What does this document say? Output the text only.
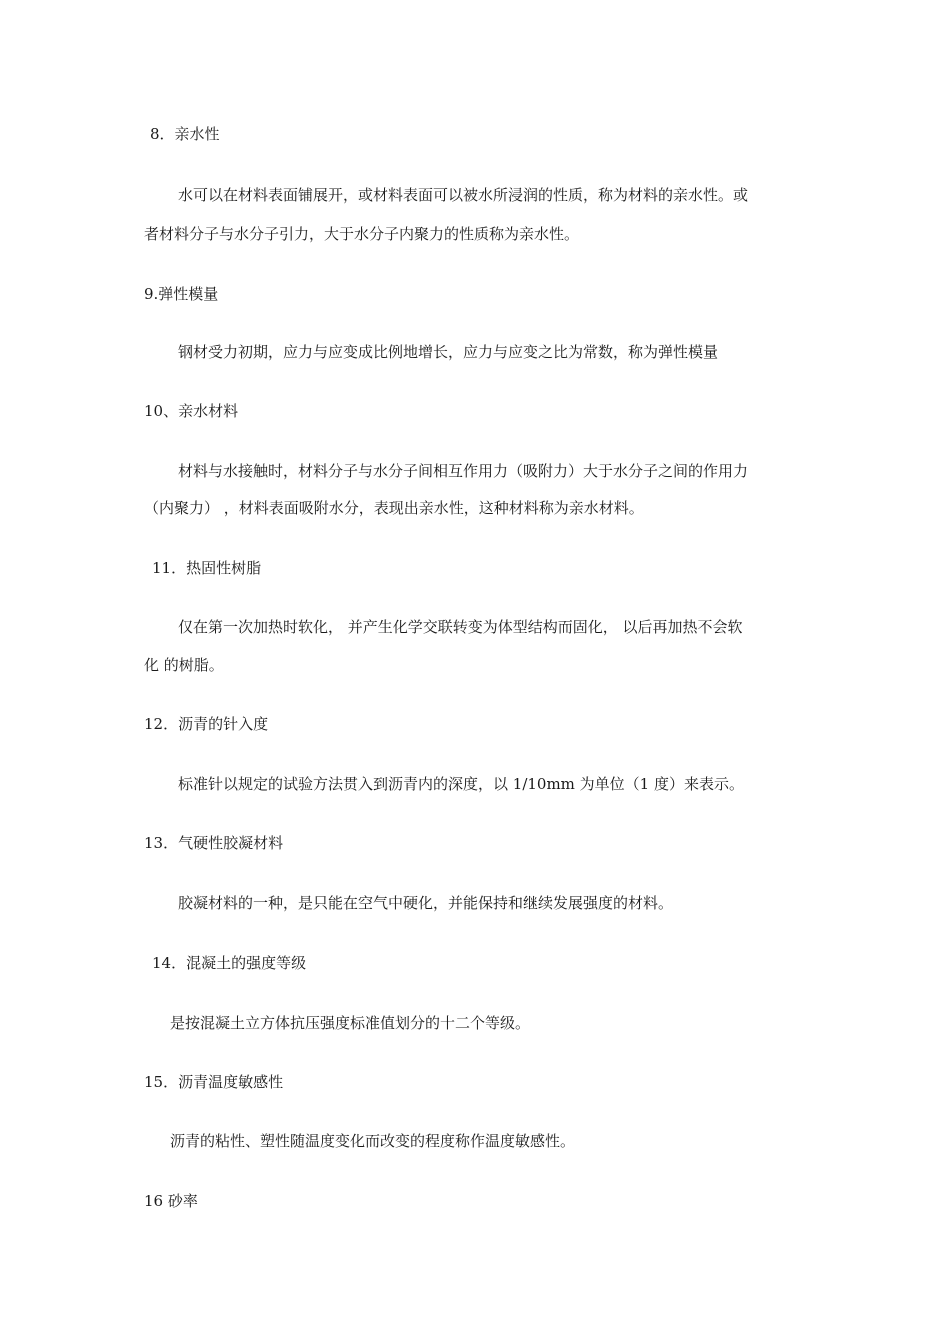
8．亲水性

水可以在材料表面铺展开，或材料表面可以被水所浸润的性质，称为材料的亲水性。或

者材料分子与水分子引力，大于水分子内聚力的性质称为亲水性。

9.弹性模量

钢材受力初期，应力与应变成比例地增长，应力与应变之比为常数，称为弹性模量

10、亲水材料

材料与水接触时，材料分子与水分子间相互作用力（吸附力）大于水分子之间的作用力

（内聚力） ，材料表面吸附水分，表现出亲水性，这种材料称为亲水材料。

11．热固性树脂

仅在第一次加热时软化， 并产生化学交联转变为体型结构而固化， 以后再加热不会软

化 的树脂。

12．沥青的针入度

标准针以规定的试验方法贯入到沥青内的深度，以 1/10mm 为单位（1 度）来表示。

13．气硬性胶凝材料

胶凝材料的一种，是只能在空气中硬化，并能保持和继续发展强度的材料。

14．混凝土的强度等级

是按混凝土立方体抗压强度标准值划分的十二个等级。

15．沥青温度敏感性

沥青的粘性、塑性随温度变化而改变的程度称作温度敏感性。

16 砂率
